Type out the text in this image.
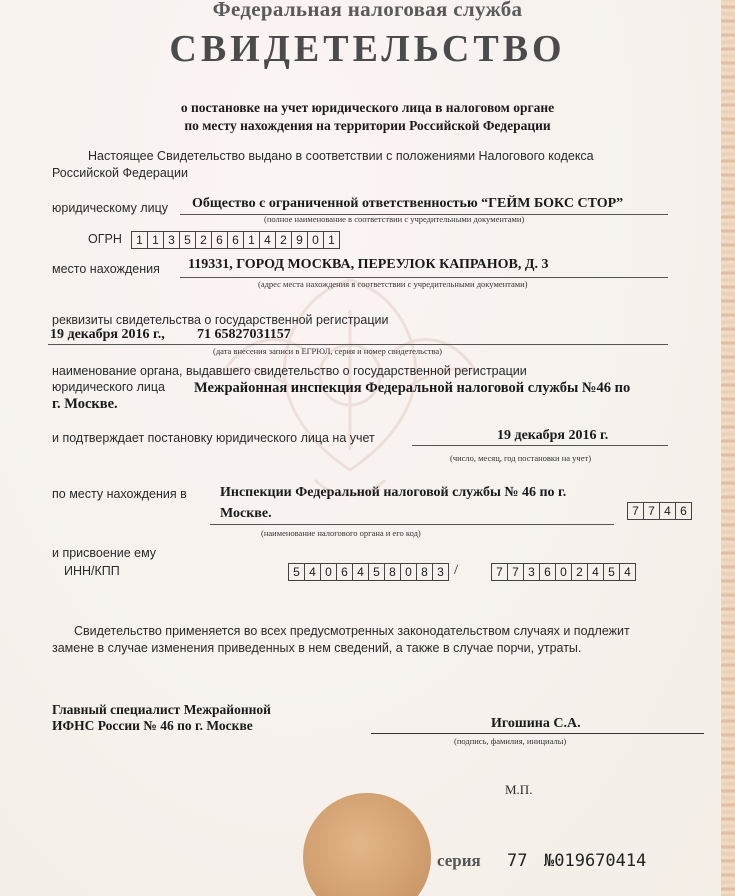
Федеральная налоговая служба
СВИДЕТЕЛЬСТВО
о постановке на учет юридического лица в налоговом органе
по месту нахождения на территории Российской Федерации
Настоящее Свидетельство выдано в соответствии с положениями Налогового кодекса
Российской Федерации
юридическому лицу Общество с ограниченной ответственностью “ГЕЙМ БОКС СТОР”
(полное наименование в соответствии с учредительными документами)
ОГРН	1 1 3 5 2 6 6 1 4 2 9 0 1
место нахождения 119331, ГОРОД МОСКВА, ПЕРЕУЛОК КАПРАНОВ, Д. 3
(адрес места нахождения в соответствии с учредительными документами)
реквизиты свидетельства о государственной регистрации
19 декабря 2016 г., 71 65827031157
(дата внесения записи в ЕГРЮЛ, серия и номер свидетельства)
наименование органа, выдавшего свидетельство о государственной регистрации
юридического лица Межрайонная инспекция Федеральной налоговой службы №46 по
г. Москве.
и подтверждает постановку юридического лица на учет	19 декабря 2016 г.
(число, месяц, год постановки на учет)
по месту нахождения в Инспекции Федеральной налоговой службы № 46 по г.
Москве.
(наименование налогового органа и его код)
7 7 4 6
и присвоение ему
ИНН/КПП	5 4 0 6 4 5 8 0 8 3 /	7 7 3 6 0 2 4 5 4
Свидетельство применяется во всех предусмотренных законодательством случаях и подлежит
замене в случае изменения приведенных в нем сведений, а также в случае порчи, утраты.
Главный специалист Межрайонной
ИФНС России № 46 по г. Москве	Игошина С.А.
(подпись, фамилия, инициалы)
М.П.
серия 77 №019670414
